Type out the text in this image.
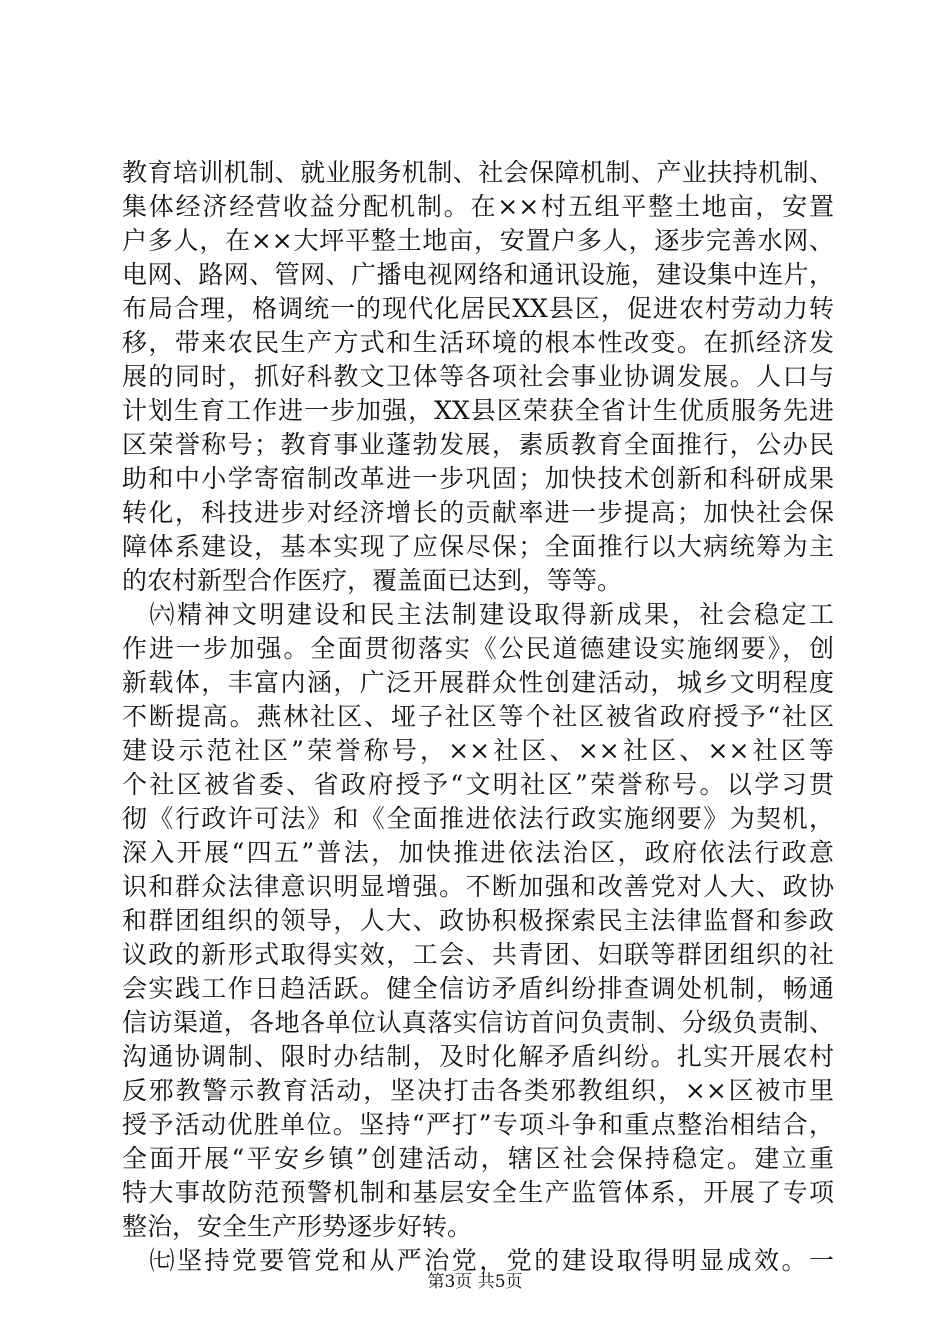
教育培训机制、就业服务机制、社会保障机制、产业扶持机制、
集体经济经营收益分配机制。在××村五组平整土地亩，安置
户多人，在××大坪平整土地亩，安置户多人，逐步完善水网、
电网、路网、管网、广播电视网络和通讯设施，建设集中连片，
布局合理，格调统一的现代化居民XX县区，促进农村劳动力转
移，带来农民生产方式和生活环境的根本性改变。在抓经济发
展的同时，抓好科教文卫体等各项社会事业协调发展。人口与
计划生育工作进一步加强，XX县区荣获全省计生优质服务先进
区荣誉称号；教育事业蓬勃发展，素质教育全面推行，公办民
助和中小学寄宿制改革进一步巩固；加快技术创新和科研成果
转化，科技进步对经济增长的贡献率进一步提高；加快社会保
障体系建设，基本实现了应保尽保；全面推行以大病统筹为主
的农村新型合作医疗，覆盖面已达到，等等。
　㈥精神文明建设和民主法制建设取得新成果，社会稳定工
作进一步加强。全面贯彻落实《公民道德建设实施纲要》，创
新载体，丰富内涵，广泛开展群众性创建活动，城乡文明程度
不断提高。燕林社区、垭子社区等个社区被省政府授予“社区
建设示范社区”荣誉称号，××社区、××社区、××社区等
个社区被省委、省政府授予“文明社区”荣誉称号。以学习贯
彻《行政许可法》和《全面推进依法行政实施纲要》为契机，
深入开展“四五”普法，加快推进依法治区，政府依法行政意
识和群众法律意识明显增强。不断加强和改善党对人大、政协
和群团组织的领导，人大、政协积极探索民主法律监督和参政
议政的新形式取得实效，工会、共青团、妇联等群团组织的社
会实践工作日趋活跃。健全信访矛盾纠纷排查调处机制，畅通
信访渠道，各地各单位认真落实信访首问负责制、分级负责制、
沟通协调制、限时办结制，及时化解矛盾纠纷。扎实开展农村
反邪教警示教育活动，坚决打击各类邪教组织，××区被市里
授予活动优胜单位。坚持“严打”专项斗争和重点整治相结合，
全面开展“平安乡镇”创建活动，辖区社会保持稳定。建立重
特大事故防范预警机制和基层安全生产监管体系，开展了专项
整治，安全生产形势逐步好转。
　㈦坚持党要管党和从严治党，党的建设取得明显成效。一
第3页 共5页
